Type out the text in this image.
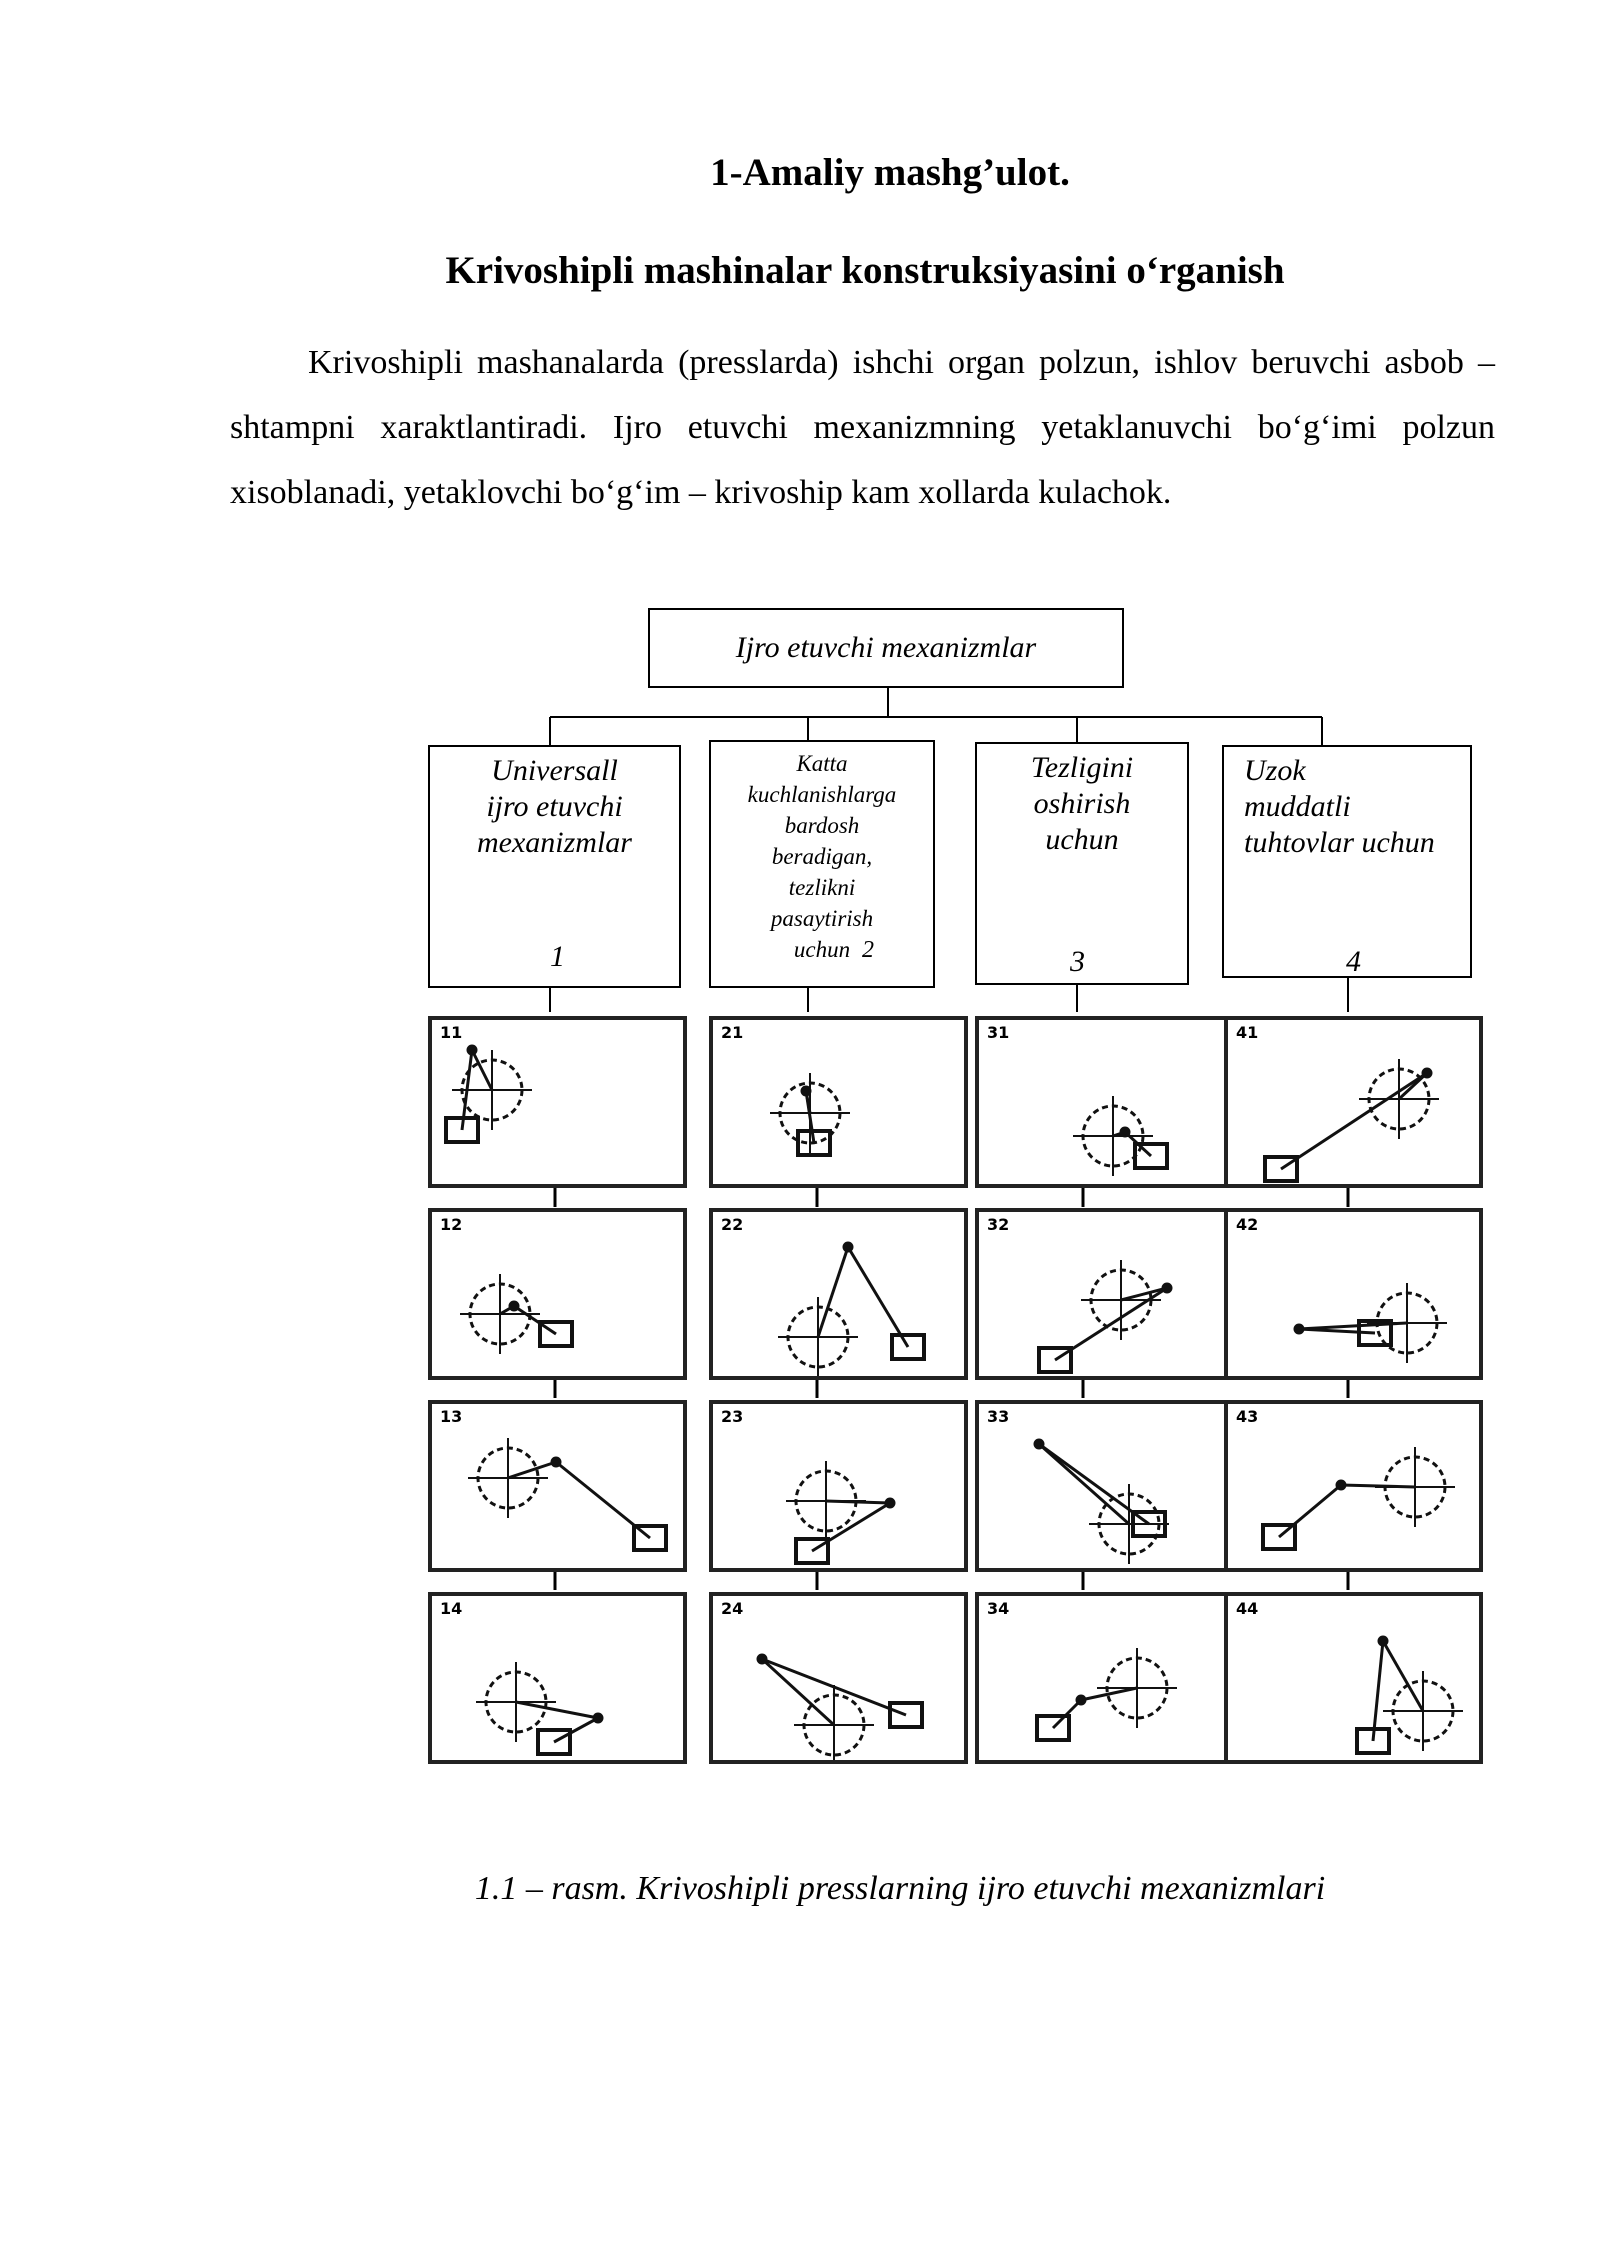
1-Amaliy mashg’ulot.
Krivoshipli mashinalar konstruksiyasini o‘rganish

Krivoshipli mashanalarda (presslarda) ishchi organ polzun, ishlov beruvchi asbob – shtampni xaraktlantiradi. Ijro etuvchi mexanizmning yetaklanuvchi bo‘g‘imi polzun xisoblanadi, yetaklovchi bo‘g‘im – krivoship kam xollarda kulachok.

Ijro etuvchi mexanizmlar
Universall
ijro etuvchi
mexanizmlar
Katta
kuchlanishlarga
bardosh
beradigan,
tezlikni
pasaytirish
uchun
Tezligini
oshirish
uchun
Uzok
muddatli
tuhtovlar uchun
1	2	3	4
11	21	31	41
12	22	32	42
13	23	33	43
14	24	34	44
1.1 – rasm. Krivoshipli presslarning ijro etuvchi mexanizmlari
